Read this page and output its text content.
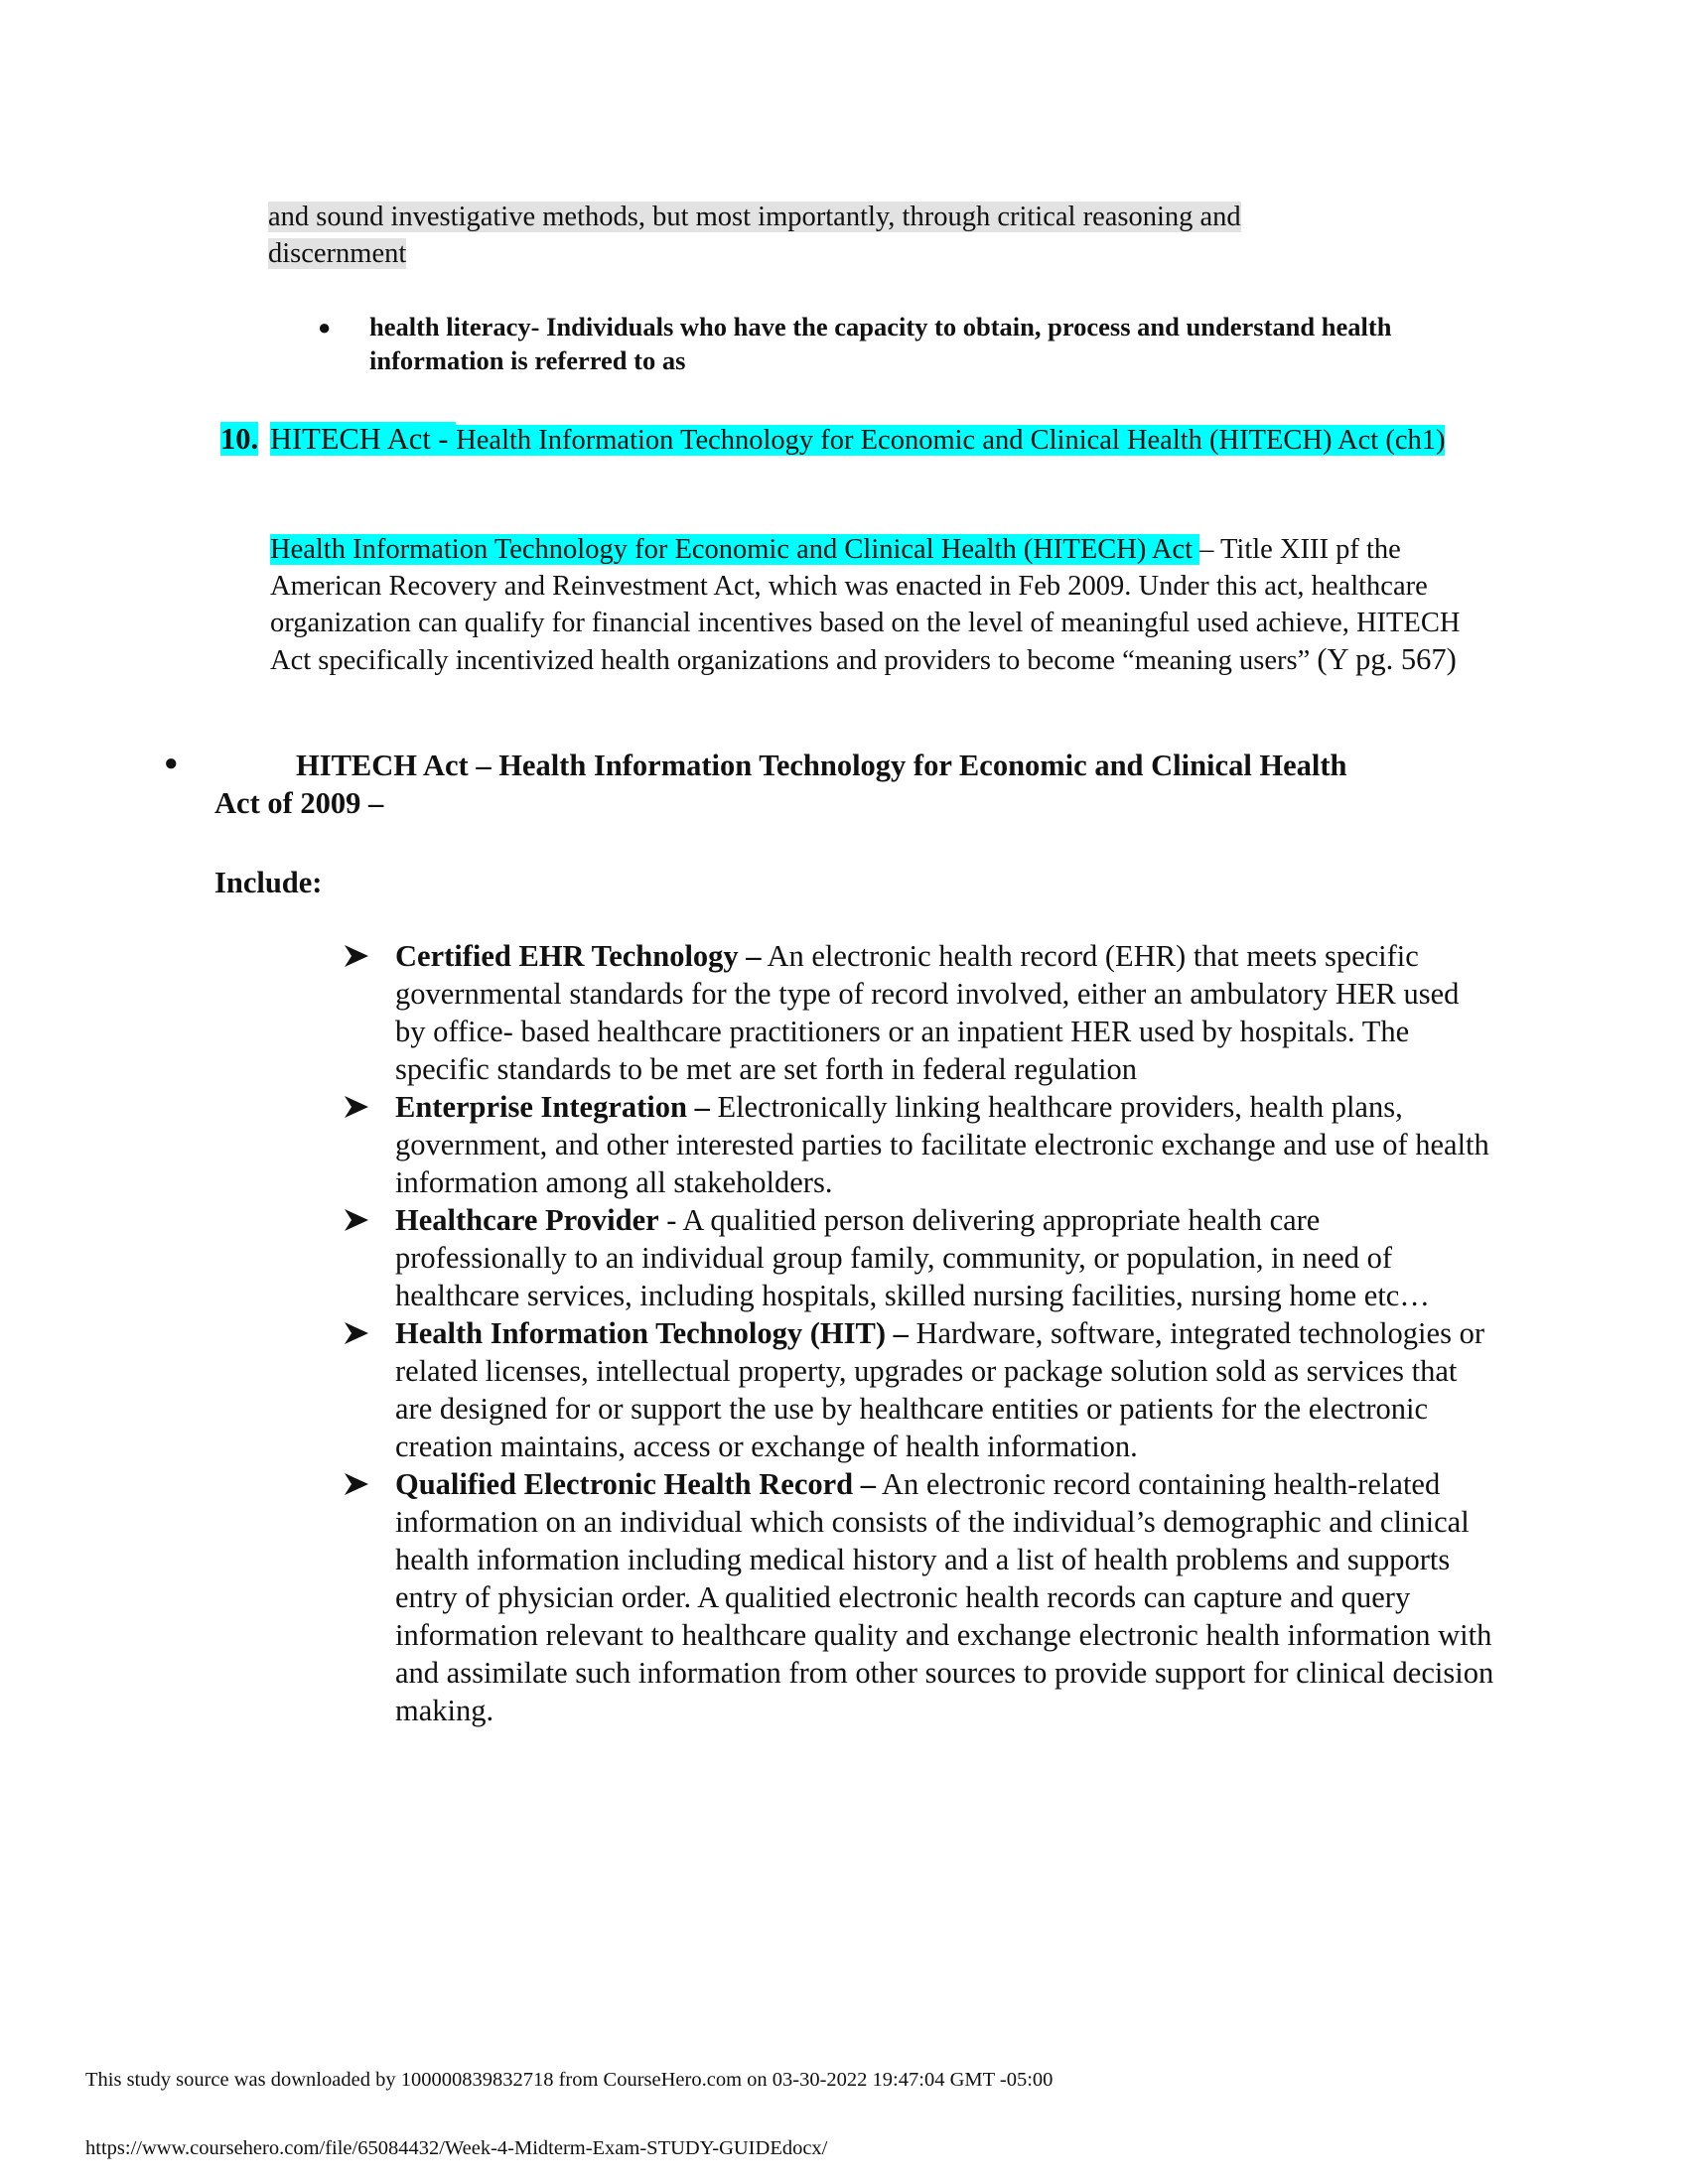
and sound investigative methods, but most importantly, through critical reasoning and
discernment
● health literacy- Individuals who have the capacity to obtain, process and understand health information is referred to as
10. HITECH Act - Health Information Technology for Economic and Clinical Health (HITECH) Act (ch1)
Health Information Technology for Economic and Clinical Health (HITECH) Act – Title XIII pf the American Recovery and Reinvestment Act, which was enacted in Feb 2009. Under this act, healthcare organization can qualify for financial incentives based on the level of meaningful used achieve, HITECH Act specifically incentivized health organizations and providers to become “meaning users” (Y pg. 567)
●	HITECH Act – Health Information Technology for Economic and Clinical Health
Act of 2009 –
Include:
Certified EHR Technology – An electronic health record (EHR) that meets specific governmental standards for the type of record involved, either an ambulatory HER used by office- based healthcare practitioners or an inpatient HER used by hospitals. The specific standards to be met are set forth in federal regulation
Enterprise Integration – Electronically linking healthcare providers, health plans, government, and other interested parties to facilitate electronic exchange and use of health information among all stakeholders.
Healthcare Provider - A qualitied person delivering appropriate health care professionally to an individual group family, community, or population, in need of healthcare services, including hospitals, skilled nursing facilities, nursing home etc…
Health Information Technology (HIT) – Hardware, software, integrated technologies or related licenses, intellectual property, upgrades or package solution sold as services that are designed for or support the use by healthcare entities or patients for the electronic creation maintains, access or exchange of health information.
Qualified Electronic Health Record – An electronic record containing health-related information on an individual which consists of the individual’s demographic and clinical health information including medical history and a list of health problems and supports entry of physician order. A qualitied electronic health records can capture and query information relevant to healthcare quality and exchange electronic health information with and assimilate such information from other sources to provide support for clinical decision making.
This study source was downloaded by 100000839832718 from CourseHero.com on 03-30-2022 19:47:04 GMT -05:00
https://www.coursehero.com/file/65084432/Week-4-Midterm-Exam-STUDY-GUIDEdocx/
